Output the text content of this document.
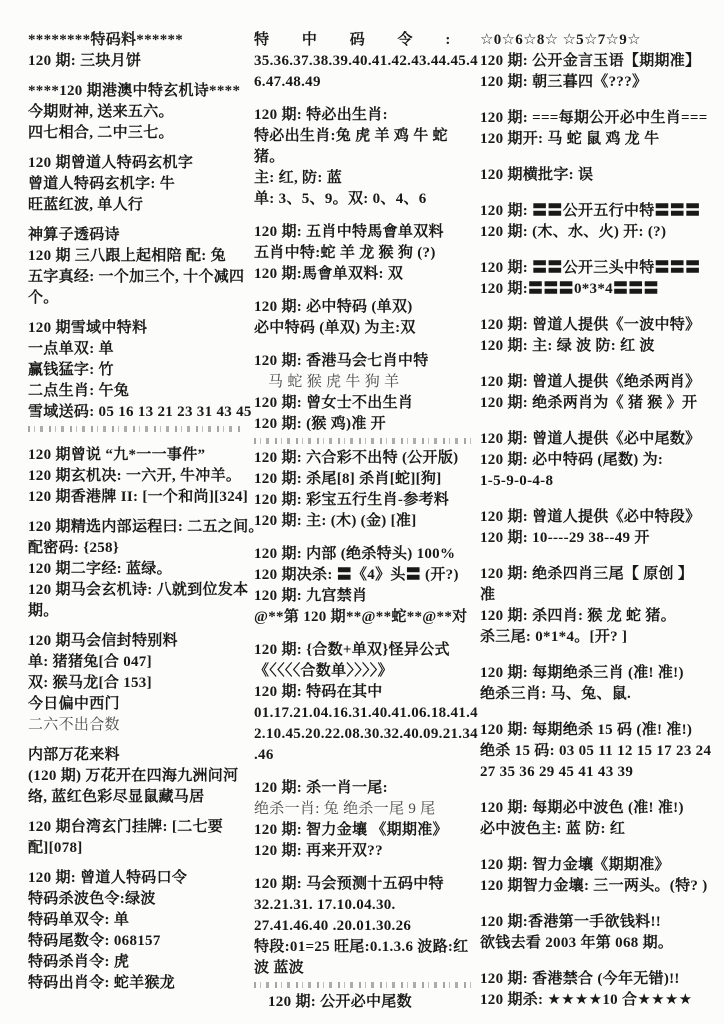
********特码料******
120 期: 三块月饼
****120 期港澳中特玄机诗****
今期财神, 送来五六。
四七相合, 二中三七。
120 期曾道人特码玄机字
曾道人特码玄机字: 牛
旺蓝红波, 单人行
神算子透码诗
120 期 三八跟上起相陪 配: 兔
五字真经: 一个加三个, 十个减四
个。
120 期雪域中特料
一点单双: 单
赢钱猛字: 竹
二点生肖: 午兔
雪域送码: 05 16 13 21 23 31 43 45
120 期曾说 “九*一一事件”
120 期玄机决: 一六开, 牛冲羊。
120 期香港牌 II: [一个和尚][324]
120 期精选内部运程曰: 二五之间。
配密码: {258}
120 期二字经: 蓝绿。
120 期马会玄机诗: 八就到位发本
期。
120 期马会信封特别料
单: 猪猪兔[合 047]
双: 猴马龙[合 153]
今日偏中西门
二六不出合数
内部万花来料
(120 期) 万花开在四海九洲问河
络, 蓝红色彩尽显鼠藏马居
120 期台湾玄门挂牌: [二七要
配][078]
120 期: 曾道人特码口令
特码杀波色令:绿波
特码单双令: 单
特码尾数令: 068157
特码杀肖令: 虎
特码出肖令: 蛇羊猴龙
特 中 码 令 :
35.36.37.38.39.40.41.42.43.44.45.4
6.47.48.49
120 期: 特必出生肖:
特必出生肖:兔 虎 羊 鸡 牛 蛇
猪。
主: 红, 防: 蓝
单: 3、5、9。双: 0、4、6
120 期: 五肖中特馬會单双料
五肖中特:蛇 羊 龙 猴 狗 (?)
120 期:馬會单双料: 双
120 期: 必中特码 (单双)
必中特码 (单双) 为主:双
120 期: 香港马会七肖中特
马 蛇 猴 虎 牛 狗 羊
120 期: 曾女士不出生肖
120 期: (猴 鸡)准 开
120 期: 六合彩不出特 (公开版)
120 期: 杀尾[8] 杀肖[蛇][狗]
120 期: 彩宝五行生肖-参考料
120 期: 主: (木) (金) [准]
120 期: 内部 (绝杀特头) 100%
120 期决杀: 〓《4》头〓 (开?)
120 期: 九宫禁肖
@**第 120 期**@**蛇**@**对
120 期: {合数+单双}怪异公式
《〈〈〈〈合数单〉〉〉〉》
120 期: 特码在其中
01.17.21.04.16.31.40.41.06.18.41.4
2.10.45.20.22.08.30.32.40.09.21.34
.46
120 期: 杀一肖一尾:
绝杀一肖: 兔 绝杀一尾 9 尾
120 期: 智力金壤 《期期准》
120 期: 再来开双??
120 期: 马会预测十五码中特
32.21.31. 17.10.04.30.
27.41.46.40 .20.01.30.26
特段:01=25 旺尾:0.1.3.6 波路:红
波 蓝波
120 期: 公开必中尾数
☆0☆6☆8☆ ☆5☆7☆9☆
120 期: 公开金言玉语【期期准】
120 期: 朝三暮四《???》
120 期: ===每期公开必中生肖===
120 期开: 马 蛇 鼠 鸡 龙 牛
120 期横批字: 误
120 期: 〓〓公开五行中特〓〓〓
120 期: (木、水、火) 开: (?)
120 期: 〓〓公开三头中特〓〓〓
120 期:〓〓〓0*3*4〓〓〓
120 期: 曾道人提供《一波中特》
120 期: 主: 绿 波 防: 红 波
120 期: 曾道人提供《绝杀两肖》
120 期: 绝杀两肖为《 猪 猴 》开
120 期: 曾道人提供《必中尾数》
120 期: 必中特码 (尾数) 为:
1-5-9-0-4-8
120 期: 曾道人提供《必中特段》
120 期: 10----29 38--49 开
120 期: 绝杀四肖三尾【 原创 】
准
120 期: 杀四肖: 猴 龙 蛇 猪。
杀三尾: 0*1*4。[开? ]
120 期: 每期绝杀三肖 (准! 准!)
绝杀三肖: 马、兔、鼠.
120 期: 每期绝杀 15 码 (准! 准!)
绝杀 15 码: 03 05 11 12 15 17 23 24
27 35 36 29 45 41 43 39
120 期: 每期必中波色 (准! 准!)
必中波色主: 蓝 防: 红
120 期: 智力金壤《期期准》
120 期智力金壤: 三一两头。(特? )
120 期:香港第一手欲钱料!!
欲钱去看 2003 年第 068 期。
120 期: 香港禁合 (今年无错)!!
120 期杀: ★★★★10 合★★★★
